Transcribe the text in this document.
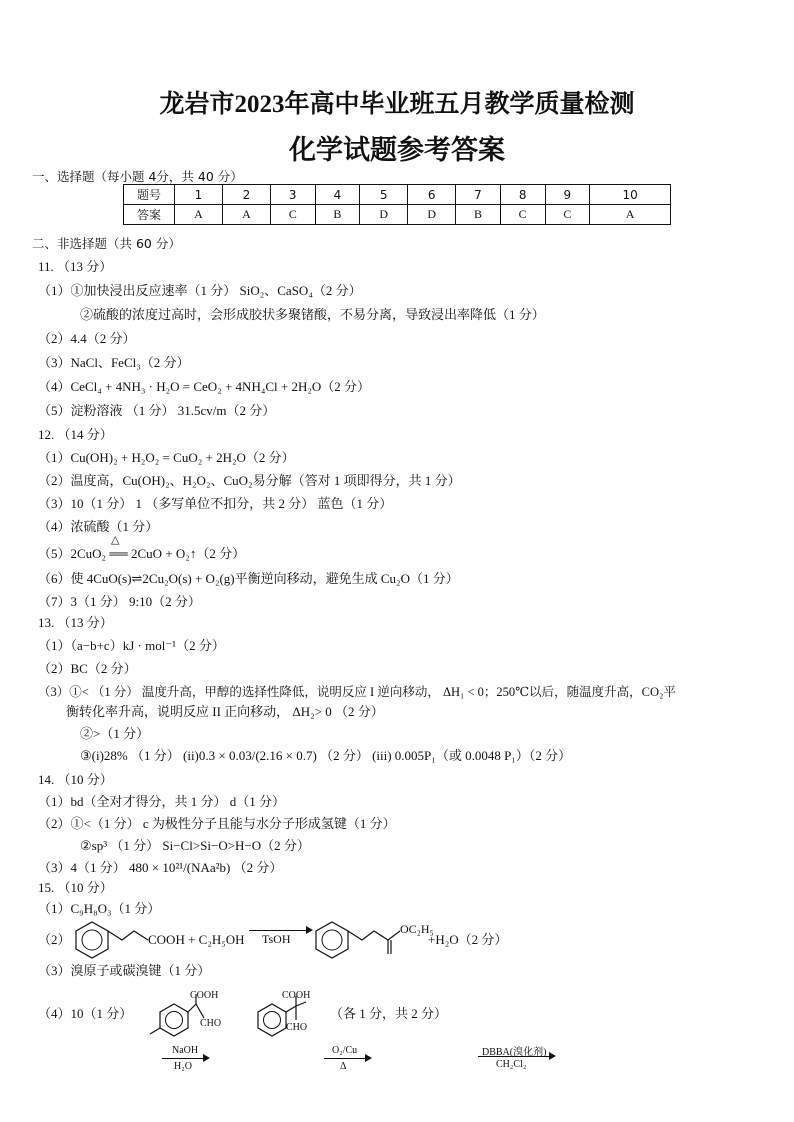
龙岩市2023年高中毕业班五月教学质量检测
化学试题参考答案
一、选择题（每小题 4分，共 40 分）
题号	1	2	3	4	5	6	7	8	9	10
答案	A	A	C	B	D	D	B	C	C	A
二、非选择题（共 60 分）
11. （13 分）
（1）①加快浸出反应速率（1 分） SiO₂、CaSO₄（2 分）
②硫酸的浓度过高时，会形成胶状多聚锗酸，不易分离，导致浸出率降低（1 分）
（2）4.4（2 分）
（3）NaCl、FeCl₃（2 分）
（4）CeCl₄ + 4NH₃ · H₂O = CeO₂ + 4NH₄Cl + 2H₂O（2 分）
（5）淀粉溶液 （1 分） 31.5cv/m（2 分）
12. （14 分）
（1）Cu(OH)₂ + H₂O₂ = CuO₂ + 2H₂O（2 分）
（2）温度高，Cu(OH)₂、H₂O₂、CuO₂易分解（答对 1 项即得分，共 1 分）
（3）10（1 分） 1 （多写单位不扣分，共 2 分） 蓝色（1 分）
（4）浓硫酸（1 分）
△
（5）2CuO₂ ══ 2CuO + O₂↑（2 分）
（6）使 4CuO(s)⇌2Cu₂O(s) + O₂(g)平衡逆向移动，避免生成 Cu₂O（1 分）
（7）3（1 分） 9:10（2 分）
13. （13 分）
（1）（a−b+c）kJ · mol⁻¹（2 分）
（2）BC（2 分）
（3）①< （1 分） 温度升高，甲醇的选择性降低，说明反应 I 逆向移动， ΔH₁ < 0；250℃以后，随温度升高，CO₂平
衡转化率升高，说明反应 II 正向移动， ΔH₂> 0 （2 分）
②>（1 分）
③(i)28% （1 分） (ii)0.3 × 0.03/(2.16 × 0.7) （2 分） (iii) 0.005P₁（或 0.0048 P₁）（2 分）
14. （10 分）
（1）bd（全对才得分，共 1 分） d（1 分）
（2）①<（1 分） c 为极性分子且能与水分子形成氢键（1 分）
②sp³ （1 分） Si−Cl>Si−O>H−O（2 分）
（3）4（1 分） 480 × 10²¹/(NAa²b) （2 分）
15. （10 分）
（1）C₉H₈O₃（1 分）
（2）	COOH + C₂H₅OH TsOH
OC₂H₅
+H₂O（2 分）
（3）溴原子或碳溴键（1 分）
（4）10（1 分）
COOH
CHO
COOH
CHO
（各 1 分，共 2 分）
NaOH
H₂O
O₂/Cu
Δ
DBBA(溴化剂)
CH₂Cl₂
